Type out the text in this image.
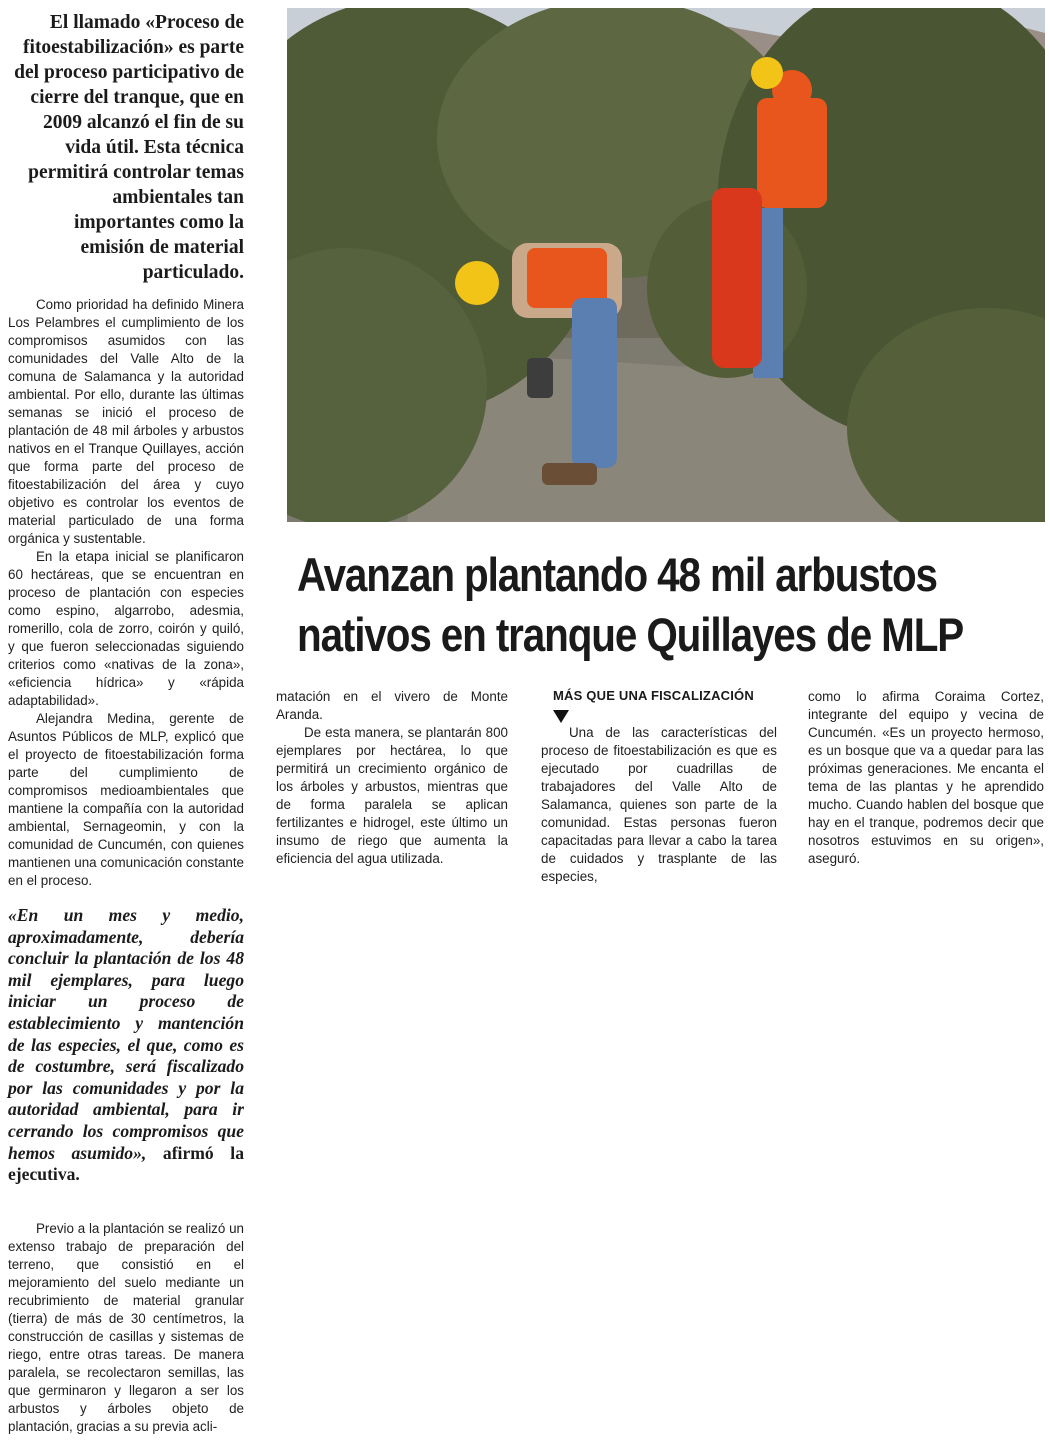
El llamado «Proceso de fitoestabilización» es parte del proceso participativo de cierre del tranque, que en 2009 alcanzó el fin de su vida útil. Esta técnica permitirá controlar temas ambientales tan importantes como la emisión de material particulado.

Como prioridad ha definido Minera Los Pelambres el cumplimiento de los compromisos asumidos con las comunidades del Valle Alto de la comuna de Salamanca y la autoridad ambiental. Por ello, durante las últimas semanas se inició el proceso de plantación de 48 mil árboles y arbustos nativos en el Tranque Quillayes, acción que forma parte del proceso de fitoestabilización del área y cuyo objetivo es controlar los eventos de material particulado de una forma orgánica y sustentable.

En la etapa inicial se planificaron 60 hectáreas, que se encuentran en proceso de plantación con especies como espino, algarrobo, adesmia, romerillo, cola de zorro, coirón y quiló, y que fueron seleccionadas siguiendo criterios como «nativas de la zona», «eficiencia hídrica» y «rápida adaptabilidad».

Alejandra Medina, gerente de Asuntos Públicos de MLP, explicó que el proyecto de fitoestabilización forma parte del cumplimiento de compromisos medioambientales que mantiene la compañía con la autoridad ambiental, Sernageomin, y con la comunidad de Cuncumén, con quienes mantienen una comunicación constante en el proceso.

«En un mes y medio, aproximadamente, debería concluir la plantación de los 48 mil ejemplares, para luego iniciar un proceso de establecimiento y mantención de las especies, el que, como es de costumbre, será fiscalizado por las comunidades y por la autoridad ambiental, para ir cerrando los compromisos que hemos asumido», afirmó la ejecutiva.

Previo a la plantación se realizó un extenso trabajo de preparación del terreno, que consistió en el mejoramiento del suelo mediante un recubrimiento de material granular (tierra) de más de 30 centímetros, la construcción de casillas y sistemas de riego, entre otras tareas. De manera paralela, se recolectaron semillas, las que germinaron y llegaron a ser los arbustos y árboles objeto de plantación, gracias a su previa acli-

Avanzan plantando 48 mil arbustos
nativos en tranque Quillayes de MLP

matación en el vivero de Monte Aranda.

De esta manera, se plantarán 800 ejemplares por hectárea, lo que permitirá un crecimiento orgánico de los árboles y arbustos, mientras que de forma paralela se aplican fertilizantes e hidrogel, este último un insumo de riego que aumenta la eficiencia del agua utilizada.

MÁS QUE UNA FISCALIZACIÓN

Una de las características del proceso de fitoestabilización es que es ejecutado por cuadrillas de trabajadores del Valle Alto de Salamanca, quienes son parte de la comunidad. Estas personas fueron capacitadas para llevar a cabo la tarea de cuidados y trasplante de las especies,

como lo afirma Coraima Cortez, integrante del equipo y vecina de Cuncumén. «Es un proyecto hermoso, es un bosque que va a quedar para las próximas generaciones. Me encanta el tema de las plantas y he aprendido mucho. Cuando hablen del bosque que hay en el tranque, podremos decir que nosotros estuvimos en su origen», aseguró.
